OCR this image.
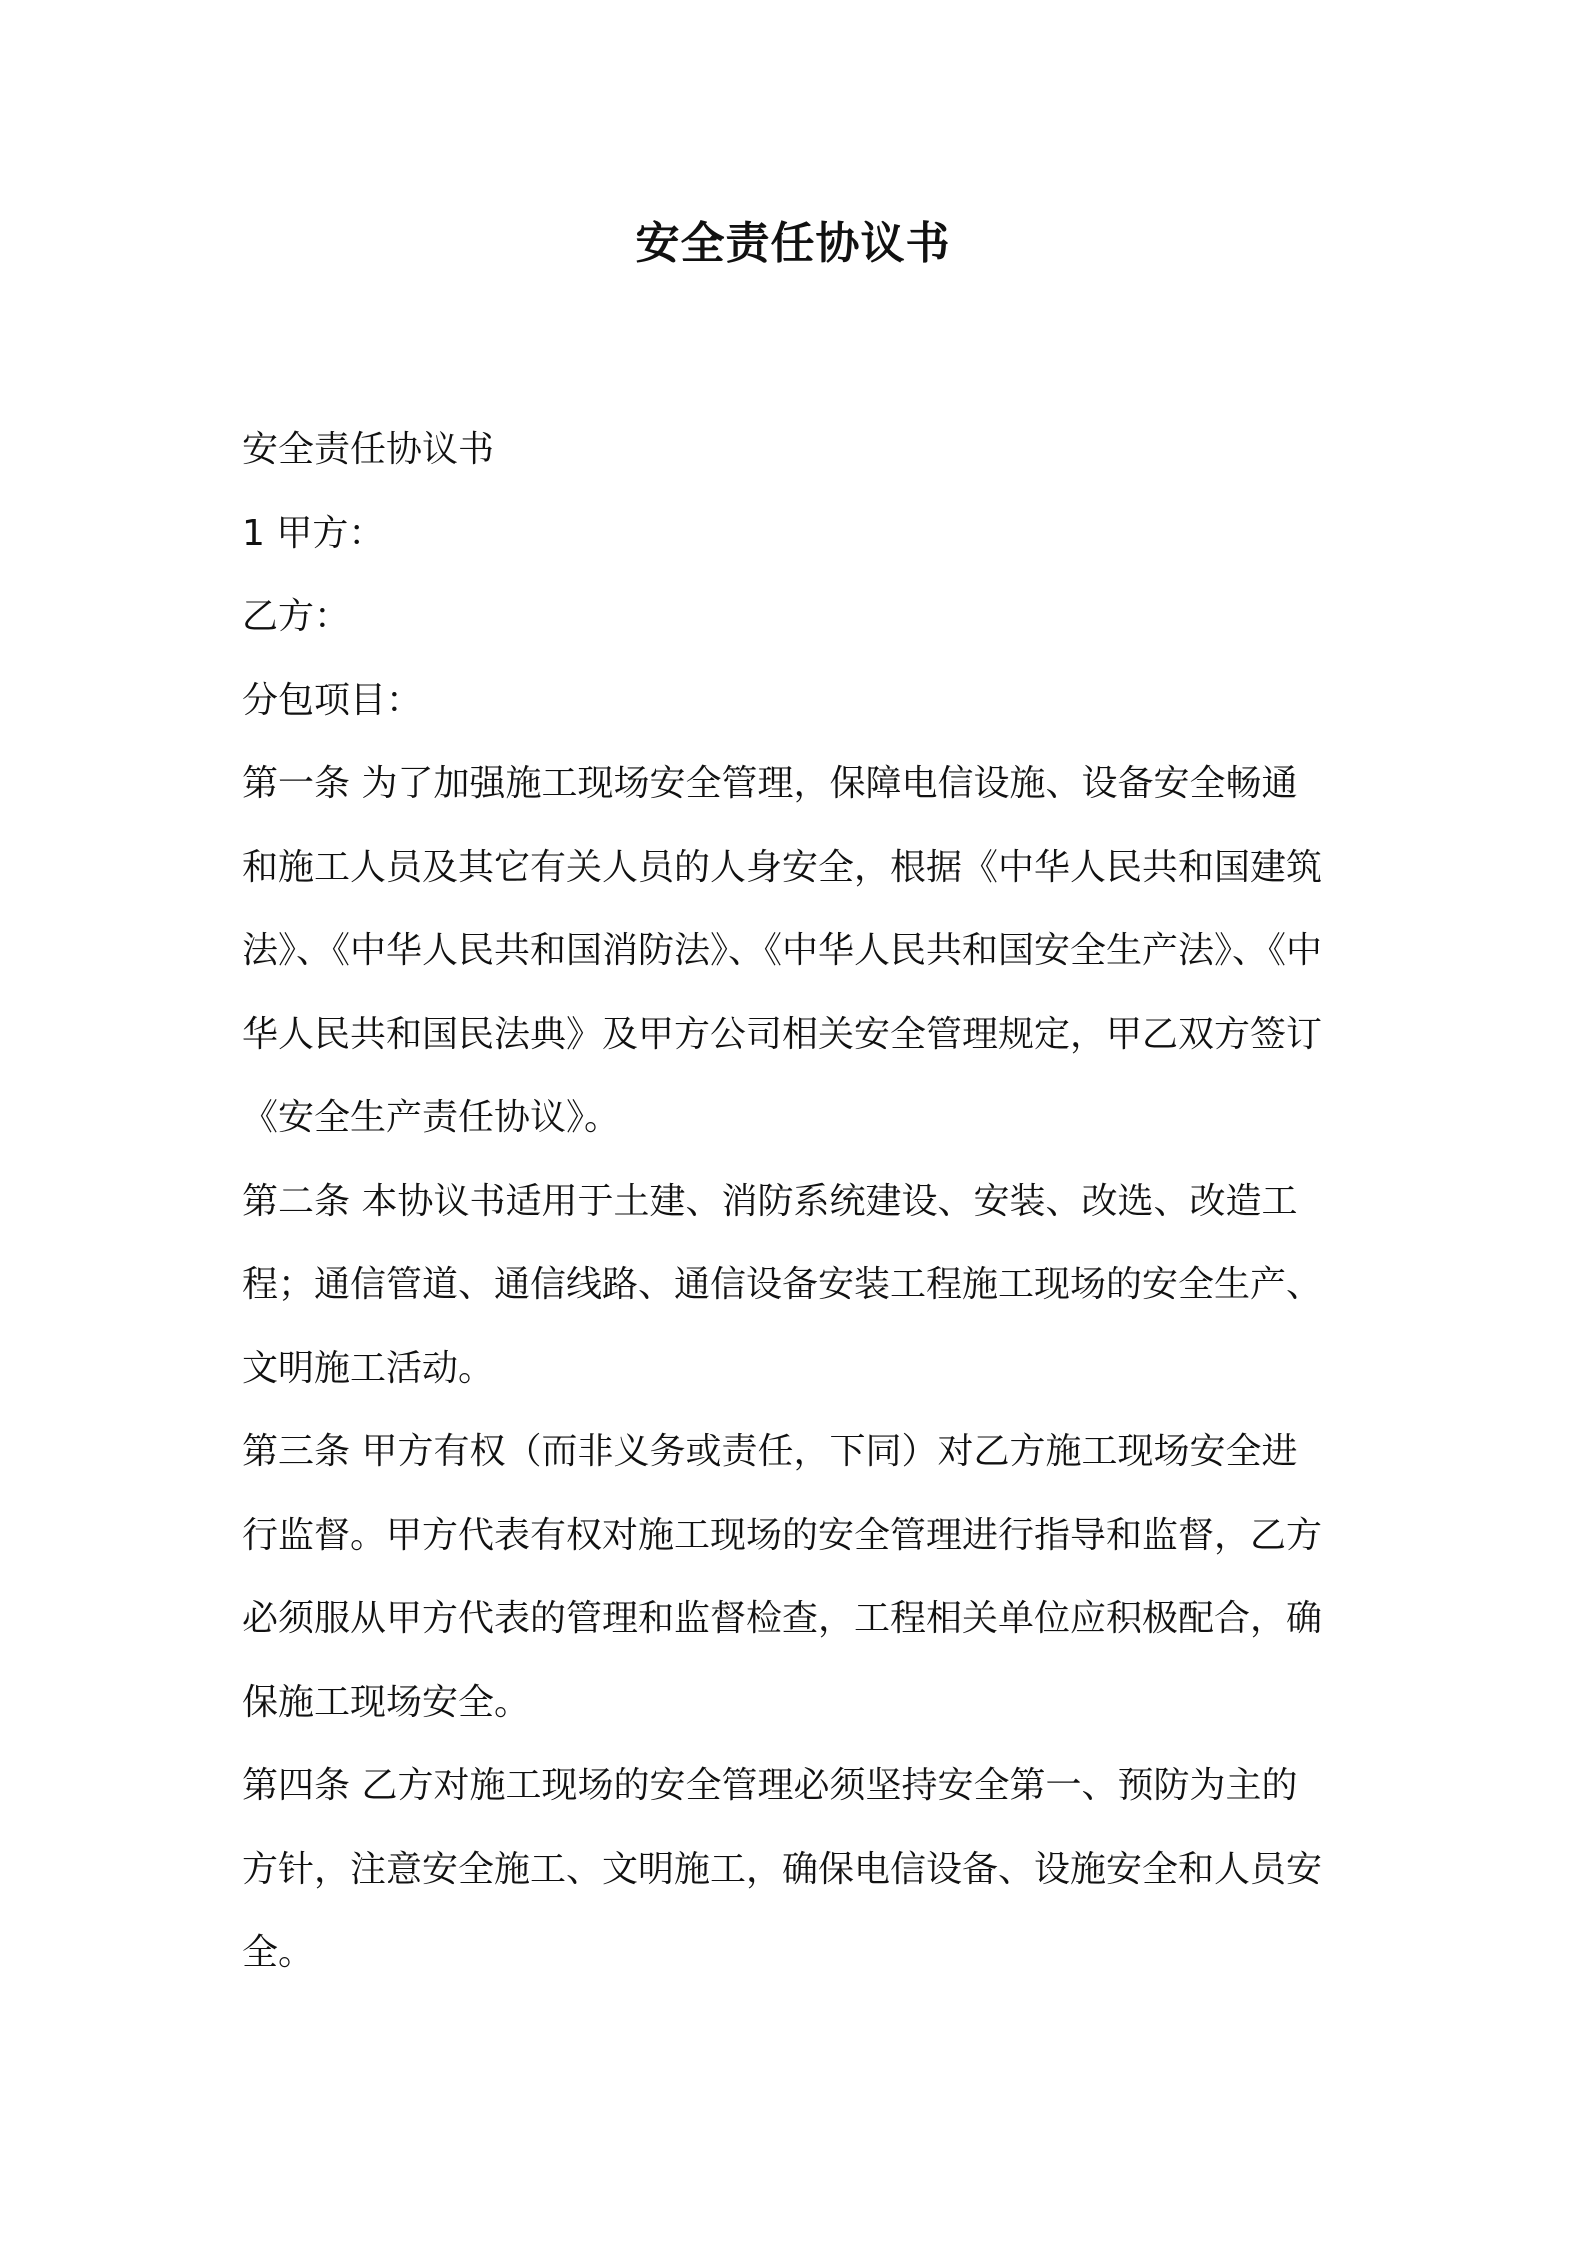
安全责任协议书

安全责任协议书

1 甲方：

乙方：

分包项目：

第一条 为了加强施工现场安全管理，保障电信设施、设备安全畅通

和施工人员及其它有关人员的人身安全，根据《中华人民共和国建筑

法》、《中华人民共和国消防法》、《中华人民共和国安全生产法》、《中

华人民共和国民法典》及甲方公司相关安全管理规定，甲乙双方签订

《安全生产责任协议》。

第二条 本协议书适用于土建、消防系统建设、安装、改选、改造工

程；通信管道、通信线路、通信设备安装工程施工现场的安全生产、

文明施工活动。

第三条 甲方有权（而非义务或责任，下同）对乙方施工现场安全进

行监督。甲方代表有权对施工现场的安全管理进行指导和监督，乙方

必须服从甲方代表的管理和监督检查，工程相关单位应积极配合，确

保施工现场安全。

第四条 乙方对施工现场的安全管理必须坚持安全第一、预防为主的

方针，注意安全施工、文明施工，确保电信设备、设施安全和人员安

全。
